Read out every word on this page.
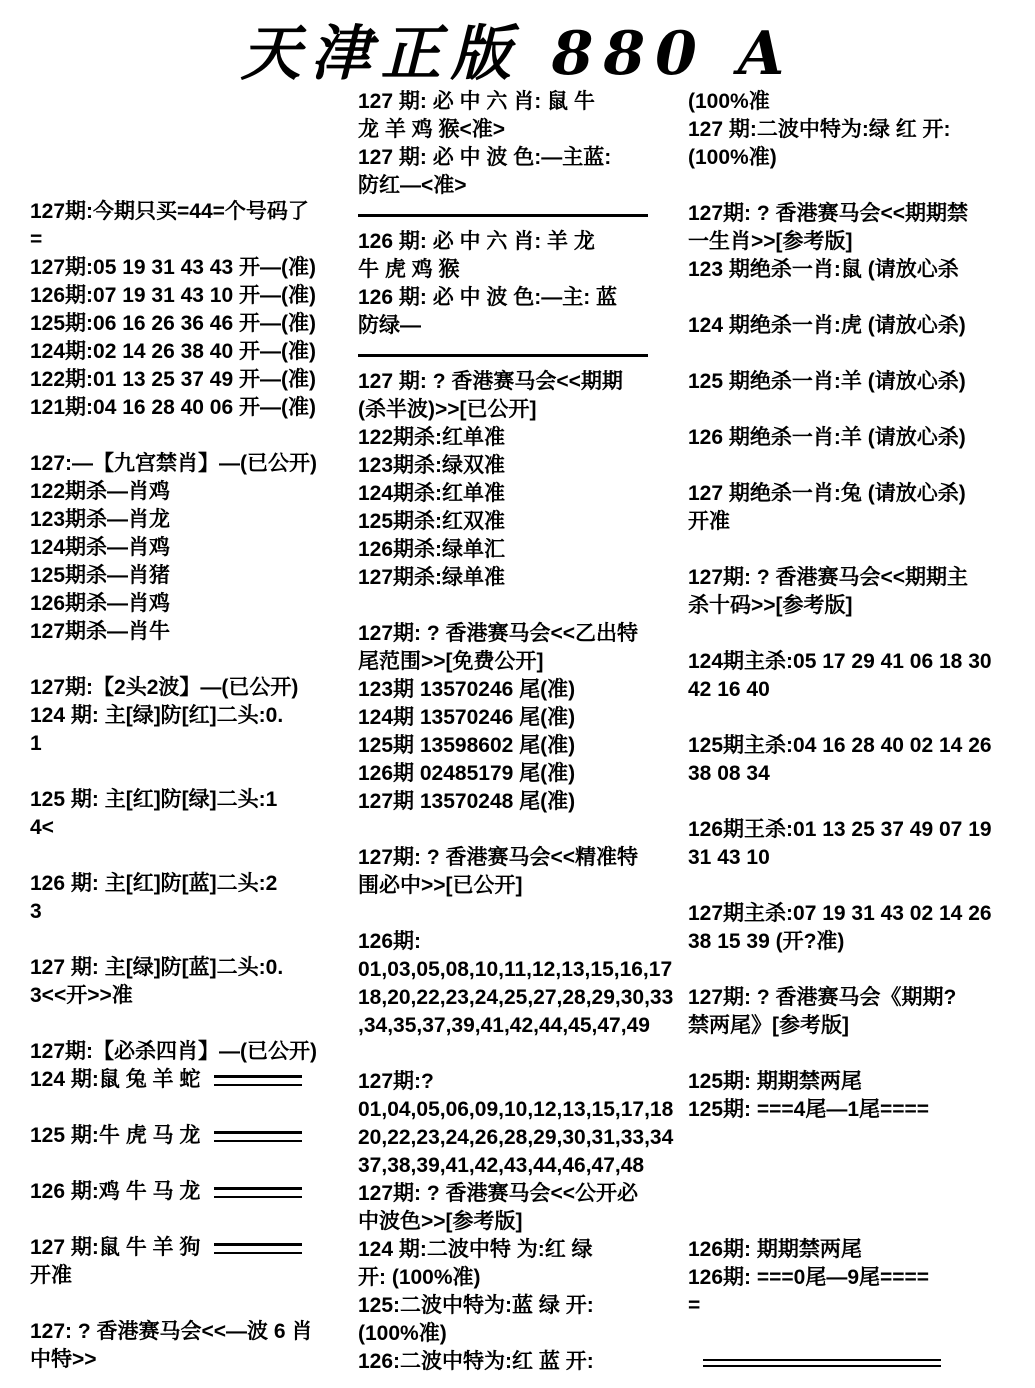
天津正版 880 A
127期:今期只买=44=个号码了
=
127期:05 19 31 43 43 开—(准)
126期:07 19 31 43 10 开—(准)
125期:06 16 26 36 46 开—(准)
124期:02 14 26 38 40 开—(准)
122期:01 13 25 37 49 开—(准)
121期:04 16 28 40 06 开—(准)
127:—【九宫禁肖】—(已公开)
122期杀—肖鸡
123期杀—肖龙
124期杀—肖鸡
125期杀—肖猪
126期杀—肖鸡
127期杀—肖牛
127期:【2头2波】—(已公开)
124 期: 主[绿]防[红]二头:0.
1
125 期: 主[红]防[绿]二头:1
4<
126 期: 主[红]防[蓝]二头:2
3
127 期: 主[绿]防[蓝]二头:0.
3<<开>>准
127期:【必杀四肖】—(已公开)
124 期:鼠 兔 羊 蛇
125 期:牛 虎 马 龙
126 期:鸡 牛 马 龙
127 期:鼠 牛 羊 狗
开准
127: ? 香港赛马会<<—波 6 肖
中特>>
127 期: 必 中 六 肖: 鼠 牛
龙 羊 鸡 猴<准>
127 期: 必 中 波 色:—主蓝:
防红—<准>
126 期: 必 中 六 肖: 羊 龙
牛 虎 鸡 猴
126 期: 必 中 波 色:—主: 蓝
防绿—
127 期: ? 香港赛马会<<期期
(杀半波)>>[已公开]
122期杀:红单准
123期杀:绿双准
124期杀:红单准
125期杀:红双准
126期杀:绿单汇
127期杀:绿单准
127期: ? 香港赛马会<<乙出特
尾范围>>[免费公开]
123期 13570246 尾(准)
124期 13570246 尾(准)
125期 13598602 尾(准)
126期 02485179 尾(准)
127期 13570248 尾(准)
127期: ? 香港赛马会<<精准特
围必中>>[已公开]
126期:
01,03,05,08,10,11,12,13,15,16,17
18,20,22,23,24,25,27,28,29,30,33
,34,35,37,39,41,42,44,45,47,49
127期:?
01,04,05,06,09,10,12,13,15,17,18
20,22,23,24,26,28,29,30,31,33,34
37,38,39,41,42,43,44,46,47,48
127期: ? 香港赛马会<<公开必
中波色>>[参考版]
124 期:二波中特 为:红 绿
开: (100%准)
125:二波中特为:蓝 绿 开:
(100%准)
126:二波中特为:红 蓝 开:
(100%准
127 期:二波中特为:绿 红 开:
(100%准)
127期: ? 香港赛马会<<期期禁
一生肖>>[参考版]
123 期绝杀一肖:鼠 (请放心杀
124 期绝杀一肖:虎 (请放心杀)
125 期绝杀一肖:羊 (请放心杀)
126 期绝杀一肖:羊 (请放心杀)
127 期绝杀一肖:兔 (请放心杀)
开准
127期: ? 香港赛马会<<期期主
杀十码>>[参考版]
124期主杀:05 17 29 41 06 18 30
42 16 40
125期主杀:04 16 28 40 02 14 26
38 08 34
126期王杀:01 13 25 37 49 07 19
31 43 10
127期主杀:07 19 31 43 02 14 26
38 15 39 (开?准)
127期: ? 香港赛马会《期期?
禁两尾》[参考版]
125期: 期期禁两尾
125期: ===4尾—1尾====
126期: 期期禁两尾
126期: ===0尾—9尾====
=
